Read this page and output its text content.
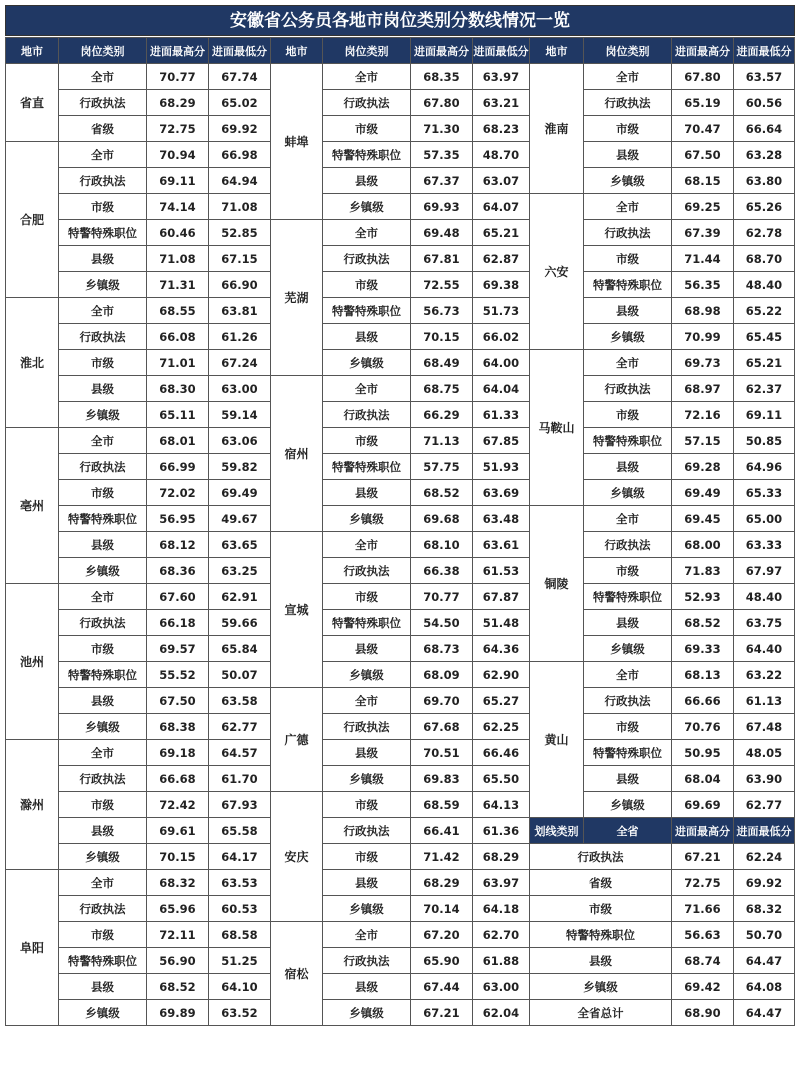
安徽省公务员各地市岗位类别分数线情况一览
地市	岗位类别	进面最高分	进面最低分
省直	全市	70.77	67.74
	行政执法	68.29	65.02
	省级	72.75	69.92
合肥	全市	70.94	66.98
	行政执法	69.11	64.94
	市级	74.14	71.08
	特警特殊职位	60.46	52.85
	县级	71.08	67.15
	乡镇级	71.31	66.90
淮北	全市	68.55	63.81
	行政执法	66.08	61.26
	市级	71.01	67.24
	县级	68.30	63.00
	乡镇级	65.11	59.14
亳州	全市	68.01	63.06
	行政执法	66.99	59.82
	市级	72.02	69.49
	特警特殊职位	56.95	49.67
	县级	68.12	63.65
	乡镇级	68.36	63.25
池州	全市	67.60	62.91
	行政执法	66.18	59.66
	市级	69.57	65.84
	特警特殊职位	55.52	50.07
	县级	67.50	63.58
	乡镇级	68.38	62.77
滁州	全市	69.18	64.57
	行政执法	66.68	61.70
	市级	72.42	67.93
	县级	69.61	65.58
	乡镇级	70.15	64.17
阜阳	全市	68.32	63.53
	行政执法	65.96	60.53
	市级	72.11	68.58
	特警特殊职位	56.90	51.25
	县级	68.52	64.10
	乡镇级	69.89	63.52
地市	岗位类别	进面最高分	进面最低分
蚌埠	全市	68.35	63.97
	行政执法	67.80	63.21
	市级	71.30	68.23
	特警特殊职位	57.35	48.70
	县级	67.37	63.07
	乡镇级	69.93	64.07
芜湖	全市	69.48	65.21
	行政执法	67.81	62.87
	市级	72.55	69.38
	特警特殊职位	56.73	51.73
	县级	70.15	66.02
	乡镇级	68.49	64.00
宿州	全市	68.75	64.04
	行政执法	66.29	61.33
	市级	71.13	67.85
	特警特殊职位	57.75	51.93
	县级	68.52	63.69
	乡镇级	69.68	63.48
宣城	全市	68.10	63.61
	行政执法	66.38	61.53
	市级	70.77	67.87
	特警特殊职位	54.50	51.48
	县级	68.73	64.36
	乡镇级	68.09	62.90
广德	全市	69.70	65.27
	行政执法	67.68	62.25
	县级	70.51	66.46
	乡镇级	69.83	65.50
安庆	市级	68.59	64.13
	行政执法	66.41	61.36
	市级	71.42	68.29
	县级	68.29	63.97
	乡镇级	70.14	64.18
宿松	全市	67.20	62.70
	行政执法	65.90	61.88
	县级	67.44	63.00
	乡镇级	67.21	62.04
地市	岗位类别	进面最高分	进面最低分
淮南	全市	67.80	63.57
	行政执法	65.19	60.56
	市级	70.47	66.64
	县级	67.50	63.28
	乡镇级	68.15	63.80
六安	全市	69.25	65.26
	行政执法	67.39	62.78
	市级	71.44	68.70
	特警特殊职位	56.35	48.40
	县级	68.98	65.22
	乡镇级	70.99	65.45
马鞍山	全市	69.73	65.21
	行政执法	68.97	62.37
	市级	72.16	69.11
	特警特殊职位	57.15	50.85
	县级	69.28	64.96
	乡镇级	69.49	65.33
铜陵	全市	69.45	65.00
	行政执法	68.00	63.33
	市级	71.83	67.97
	特警特殊职位	52.93	48.40
	县级	68.52	63.75
	乡镇级	69.33	64.40
黄山	全市	68.13	63.22
	行政执法	66.66	61.13
	市级	70.76	67.48
	特警特殊职位	50.95	48.05
	县级	68.04	63.90
	乡镇级	69.69	62.77
划线类别	全省	进面最高分	进面最低分
行政执法		67.21	62.24
省级		72.75	69.92
市级		71.66	68.32
特警特殊职位		56.63	50.70
县级		68.74	64.47
乡镇级		69.42	64.08
全省总计		68.90	64.47
